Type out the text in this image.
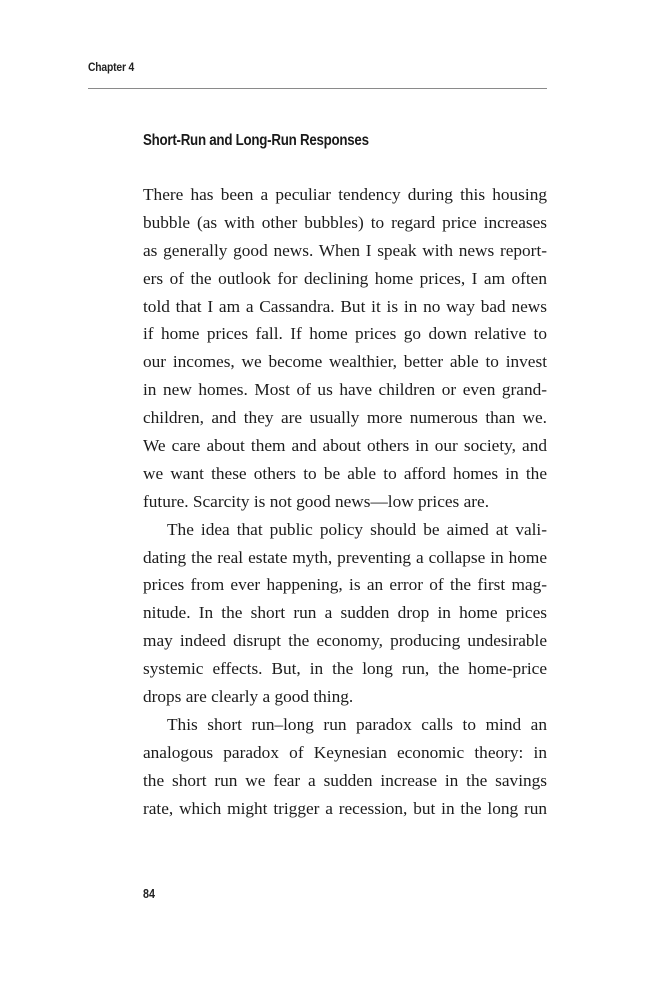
Chapter 4
Short-Run and Long-Run Responses
There has been a peculiar tendency during this housing
bubble (as with other bubbles) to regard price increases
as generally good news. When I speak with news report-
ers of the outlook for declining home prices, I am often
told that I am a Cassandra. But it is in no way bad news
if home prices fall. If home prices go down relative to
our incomes, we become wealthier, better able to invest
in new homes. Most of us have children or even grand-
children, and they are usually more numerous than we.
We care about them and about others in our society, and
we want these others to be able to afford homes in the
future. Scarcity is not good news—low prices are.
The idea that public policy should be aimed at vali-
dating the real estate myth, preventing a collapse in home
prices from ever happening, is an error of the first mag-
nitude. In the short run a sudden drop in home prices
may indeed disrupt the economy, producing undesirable
systemic effects. But, in the long run, the home-price
drops are clearly a good thing.
This short run–long run paradox calls to mind an
analogous paradox of Keynesian economic theory: in
the short run we fear a sudden increase in the savings
rate, which might trigger a recession, but in the long run
84
